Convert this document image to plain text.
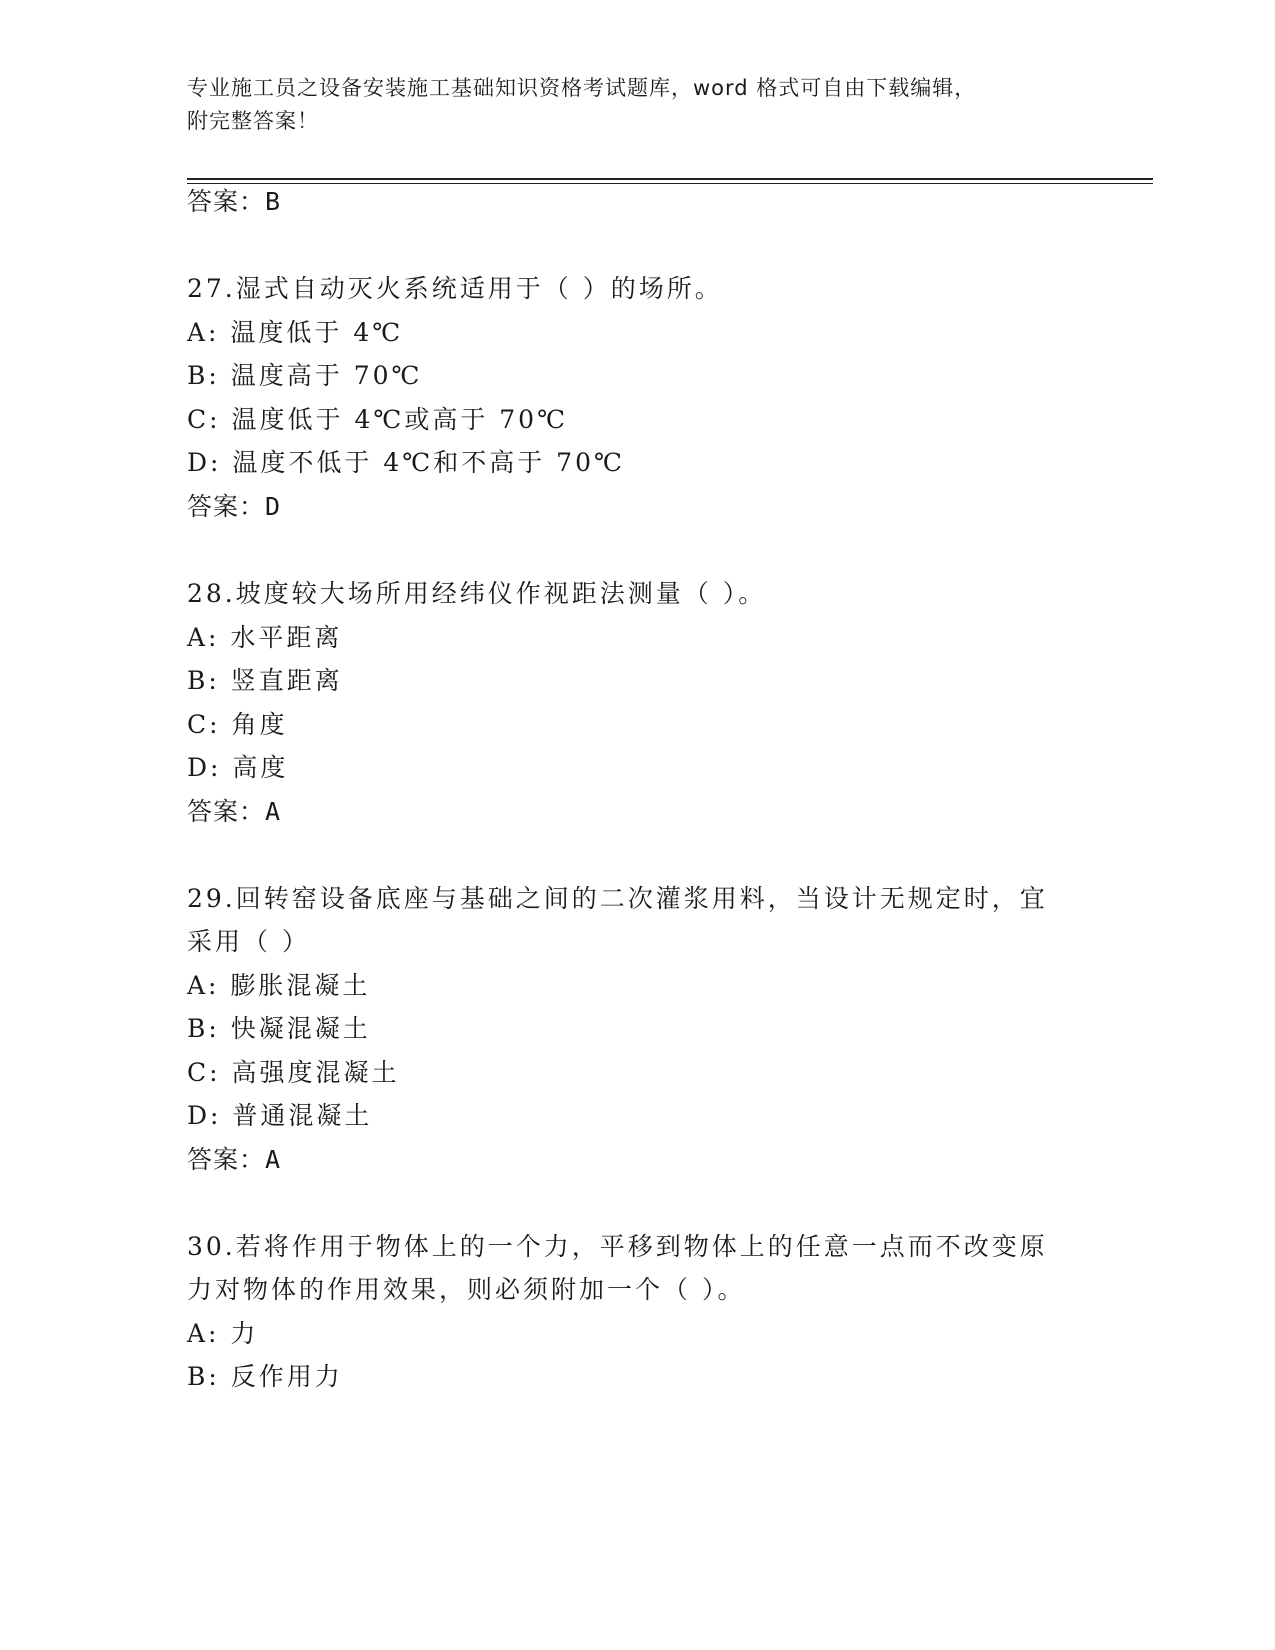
专业施工员之设备安装施工基础知识资格考试题库，word 格式可自由下载编辑，
附完整答案！
答案：B
27.湿式自动灭火系统适用于（ ）的场所。
A: 温度低于 4℃
B: 温度高于 70℃
C: 温度低于 4℃或高于 70℃
D: 温度不低于 4℃和不高于 70℃
答案：D
28.坡度较大场所用经纬仪作视距法测量（ ）。
A: 水平距离
B: 竖直距离
C: 角度
D: 高度
答案：A
29.回转窑设备底座与基础之间的二次灌浆用料，当设计无规定时，宜
采用（ ）
A: 膨胀混凝土
B: 快凝混凝土
C: 高强度混凝土
D: 普通混凝土
答案：A
30.若将作用于物体上的一个力，平移到物体上的任意一点而不改变原
力对物体的作用效果，则必须附加一个（ ）。
A: 力
B: 反作用力
